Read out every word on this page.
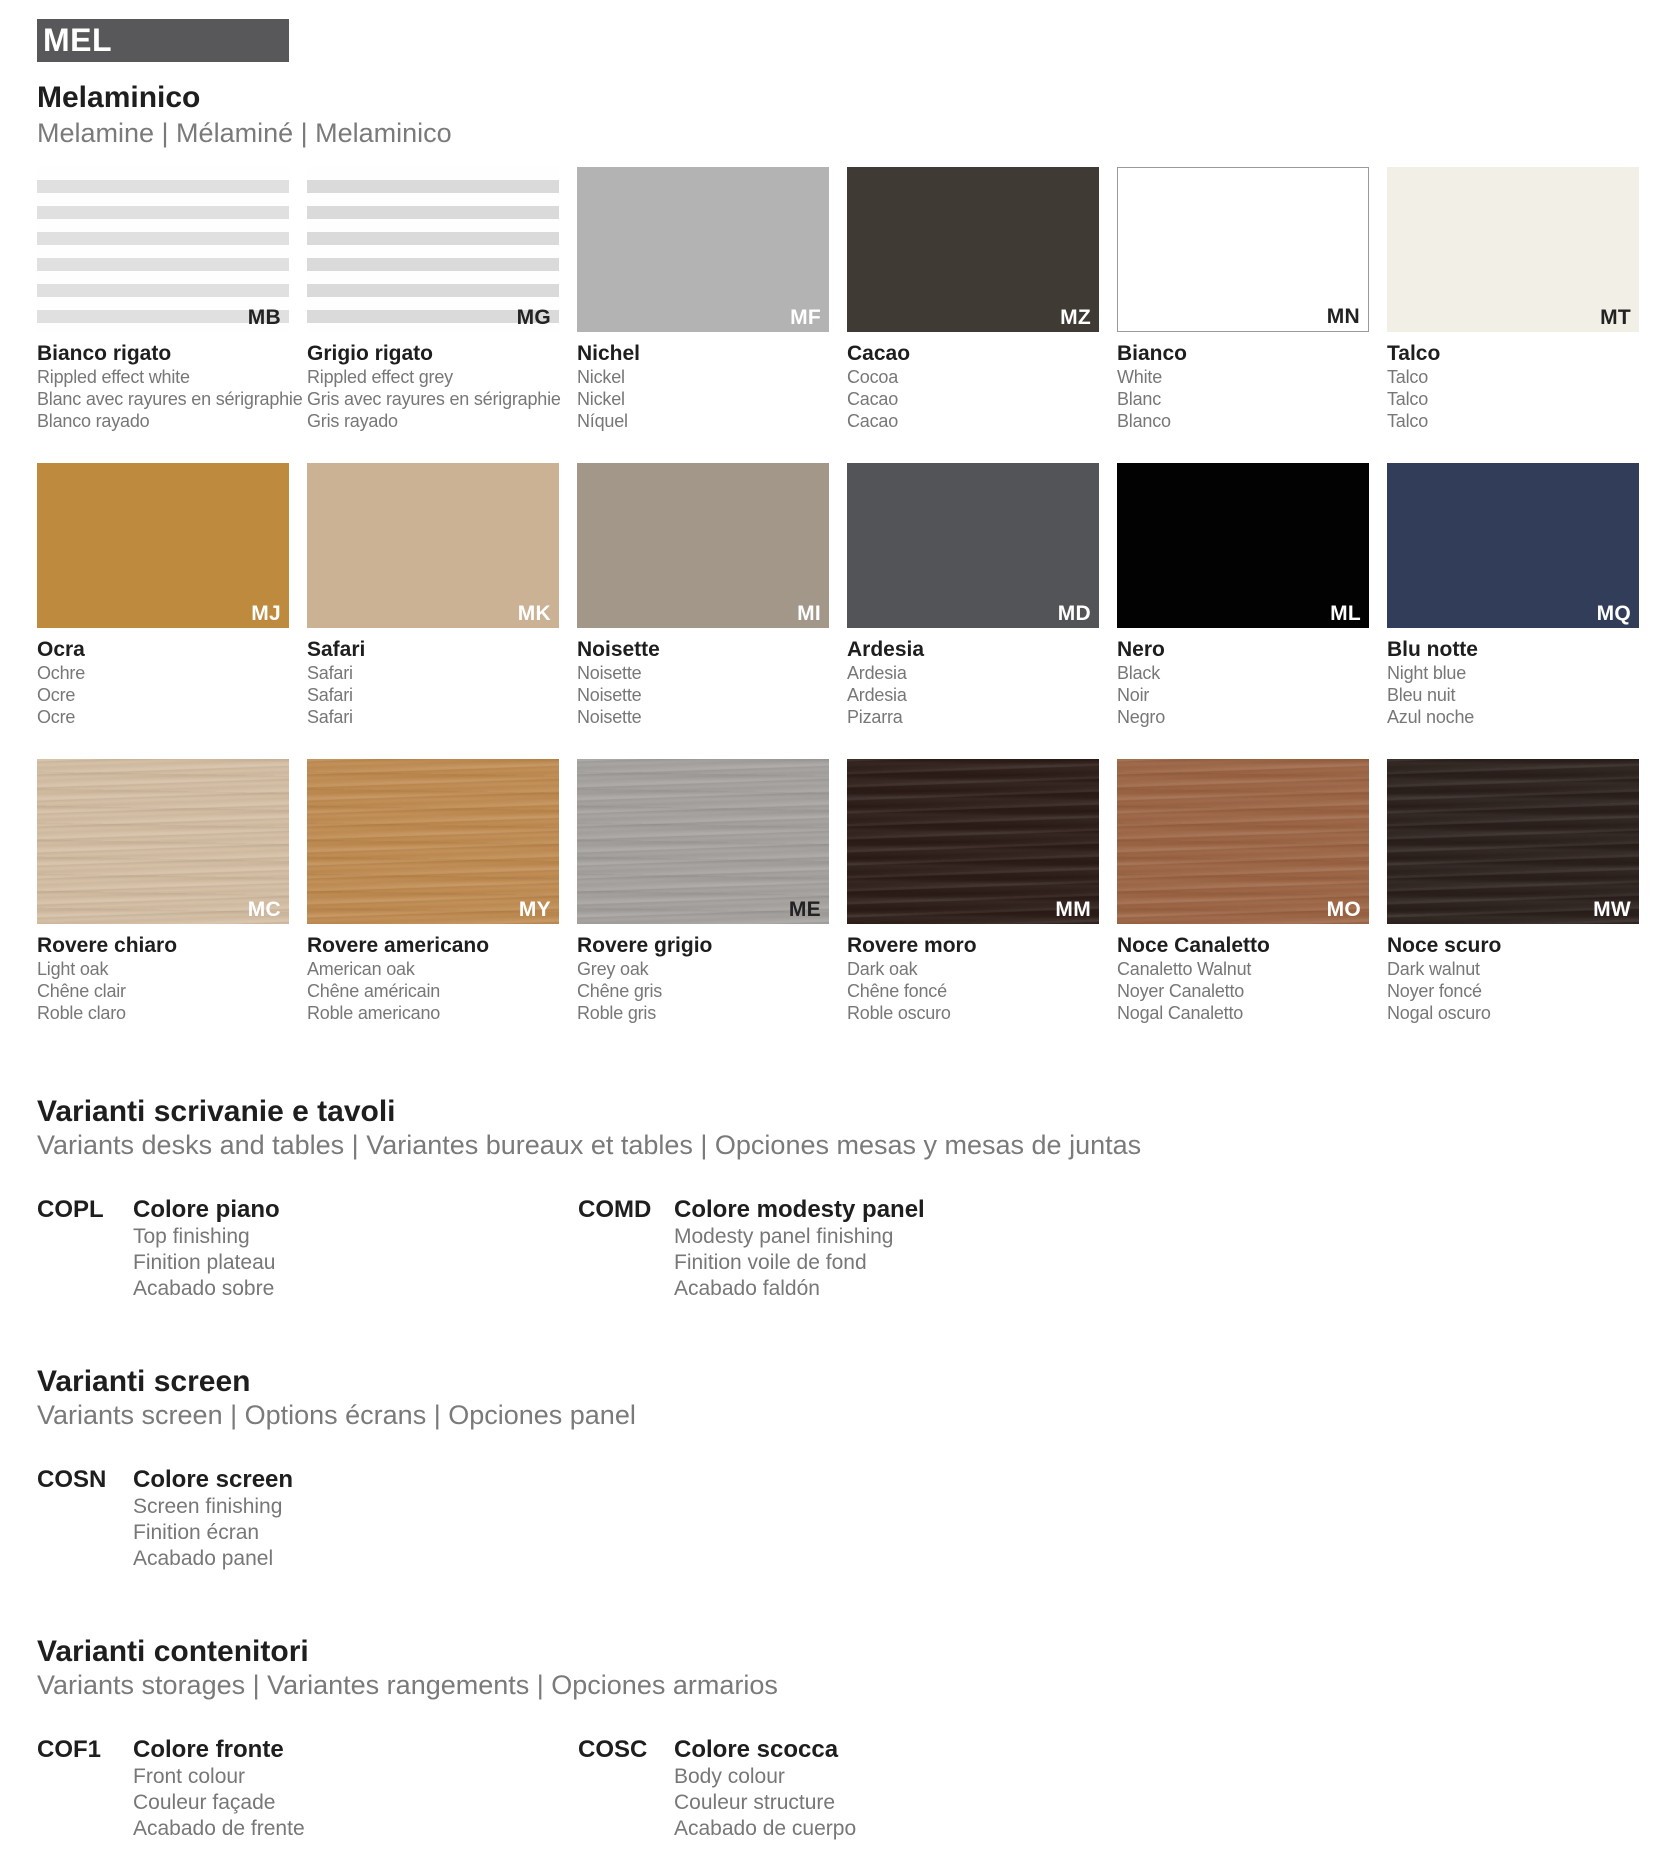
MEL
Melaminico
Melamine | Mélaminé | Melaminico
MB
Bianco rigato
Rippled effect white
Blanc avec rayures en sérigraphie
Blanco rayado
MG
Grigio rigato
Rippled effect grey
Gris avec rayures en sérigraphie
Gris rayado
MF
Nichel
Nickel
Nickel
Níquel
MZ
Cacao
Cocoa
Cacao
Cacao
MN
Bianco
White
Blanc
Blanco
MT
Talco
Talco
Talco
Talco
MJ
Ocra
Ochre
Ocre
Ocre
MK
Safari
Safari
Safari
Safari
MI
Noisette
Noisette
Noisette
Noisette
MD
Ardesia
Ardesia
Ardesia
Pizarra
ML
Nero
Black
Noir
Negro
MQ
Blu notte
Night blue
Bleu nuit
Azul noche
MC
Rovere chiaro
Light oak
Chêne clair
Roble claro
MY
Rovere americano
American oak
Chêne américain
Roble americano
ME
Rovere grigio
Grey oak
Chêne gris
Roble gris
MM
Rovere moro
Dark oak
Chêne foncé
Roble oscuro
MO
Noce Canaletto
Canaletto Walnut
Noyer Canaletto
Nogal Canaletto
MW
Noce scuro
Dark walnut
Noyer foncé
Nogal oscuro
Varianti scrivanie e tavoli
Variants desks and tables | Variantes bureaux et tables | Opciones mesas y mesas de juntas
COPL Colore piano
Top finishing
Finition plateau
Acabado sobre
COMD Colore modesty panel
Modesty panel finishing
Finition voile de fond
Acabado faldón
Varianti screen
Variants screen | Options écrans | Opciones panel
COSN Colore screen
Screen finishing
Finition écran
Acabado panel
Varianti contenitori
Variants storages | Variantes rangements | Opciones armarios
COF1 Colore fronte
Front colour
Couleur façade
Acabado de frente
COSC Colore scocca
Body colour
Couleur structure
Acabado de cuerpo
